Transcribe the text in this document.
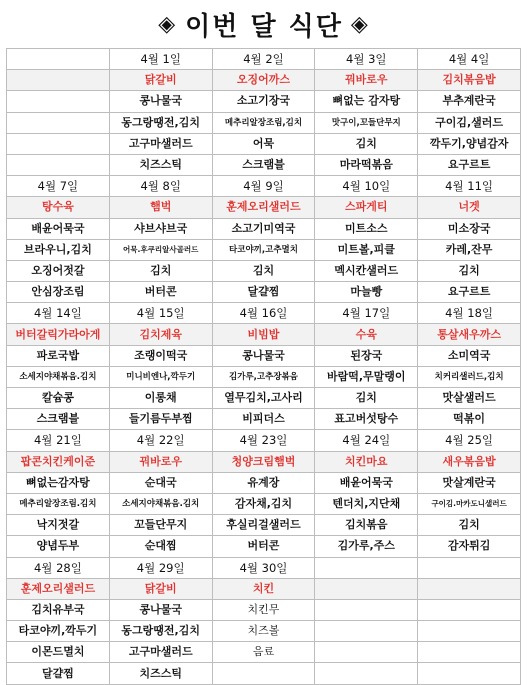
◈ 이번 달 식단 ◈
	4월 1일	4월 2일	4월 3일	4월 4일
	닭갈비	오징어까스	꿔바로우	김치볶음밥
	콩나물국	소고기장국	뼈없는 감자탕	부추계란국
	동그랑땡전,김치	메추리알장조림,김치	맛구이,꼬들단무지	구이김,샐러드
	고구마샐러드	어묵	김치	깍두기,양념감자
	치즈스틱	스크램블	마라떡볶음	요구르트
4월 7일	4월 8일	4월 9일	4월 10일	4월 11일
탕수육	햄벅	훈제오리샐러드	스파게티	너겟
배윤어묵국	샤브샤브국	소고기미역국	미트소스	미소장국
브라우니,김치	어묵.후쿠리알사골러드	타코야끼,고추멸치	미트볼,피클	카레,잔무
오징어젓갈	김치	김치	멕시칸샐러드	김치
안심장조림	버터콘	달걀찜	마늘빵	요구르트
4월 14일	4월 15일	4월 16일	4월 17일	4월 18일
버터갈릭가라아게	김치제육	비빔밥	수육	통살새우까스
파로국밥	조랭이떡국	콩나물국	된장국	소미역국
소세지야채볶음.김치	미니비엔나,깍두기	김가루,고추장볶음	바람떡,무말랭이	치커리샐러드,김치
칼슘콩	이롱채	열무김치,고사리	김치	맛살샐러드
스크램블	들기름두부찜	비피더스	표고버섯탕수	떡볶이
4월 21일	4월 22일	4월 23일	4월 24일	4월 25일
팝콘치킨케이준	꿔바로우	청양크림햄벅	치킨마요	새우볶음밥
뼈없는감자탕	순대국	유계장	배윤어묵국	맛살계란국
메추리알장조림.김치	소세지야채볶음.김치	감자채,김치	텐더치,지단채	구이김.마카도니샐러드
낙지젓갈	꼬들단무지	후실리걸샐러드	김치볶음	김치
양념두부	순대찜	버터콘	김가루,주스	감자튀김
4월 28일	4월 29일	4월 30일		
훈제오리샐러드	닭갈비	치킨		
김치유부국	콩나물국	치킨무		
타코야끼,깍두기	동그랑땡전,김치	치즈볼		
이몬드멸치	고구마샐러드	음료		
달걀찜	치즈스틱			
